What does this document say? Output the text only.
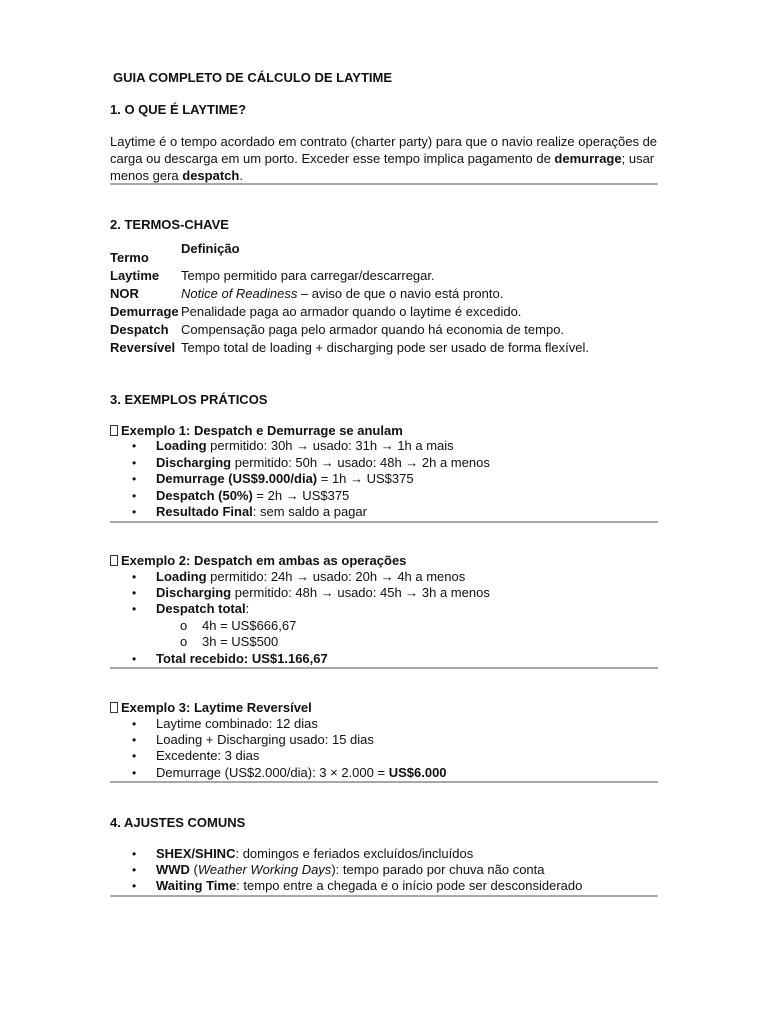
GUIA COMPLETO DE CÁLCULO DE LAYTIME

1. O QUE É LAYTIME?

Laytime é o tempo acordado em contrato (charter party) para que o navio realize operações de carga ou descarga em um porto. Exceder esse tempo implica pagamento de demurrage; usar menos gera despatch.

2. TERMOS-CHAVE

Termo
Definição
Laytime Tempo permitido para carregar/descarregar.
NOR	Notice of Readiness – aviso de que o navio está pronto.
Demurrage Penalidade paga ao armador quando o laytime é excedido.
Despatch Compensação paga pelo armador quando há economia de tempo.
Reversível Tempo total de loading + discharging pode ser usado de forma flexível.

3. EXEMPLOS PRÁTICOS

Exemplo 1: Despatch e Demurrage se anulam
• Loading permitido: 30h → usado: 31h → 1h a mais
• Discharging permitido: 50h → usado: 48h → 2h a menos
• Demurrage (US$9.000/dia) = 1h → US$375
• Despatch (50%) = 2h → US$375
• Resultado Final: sem saldo a pagar
Exemplo 2: Despatch em ambas as operações
• Loading permitido: 24h → usado: 20h → 4h a menos
• Discharging permitido: 48h → usado: 45h → 3h a menos
• Despatch total:
o 4h = US$666,67
o 3h = US$500
• Total recebido: US$1.166,67
Exemplo 3: Laytime Reversível
• Laytime combinado: 12 dias
• Loading + Discharging usado: 15 dias
• Excedente: 3 dias
• Demurrage (US$2.000/dia): 3 × 2.000 = US$6.000

4. AJUSTES COMUNS

• SHEX/SHINC: domingos e feriados excluídos/incluídos
• WWD (Weather Working Days): tempo parado por chuva não conta
• Waiting Time: tempo entre a chegada e o início pode ser desconsiderado
